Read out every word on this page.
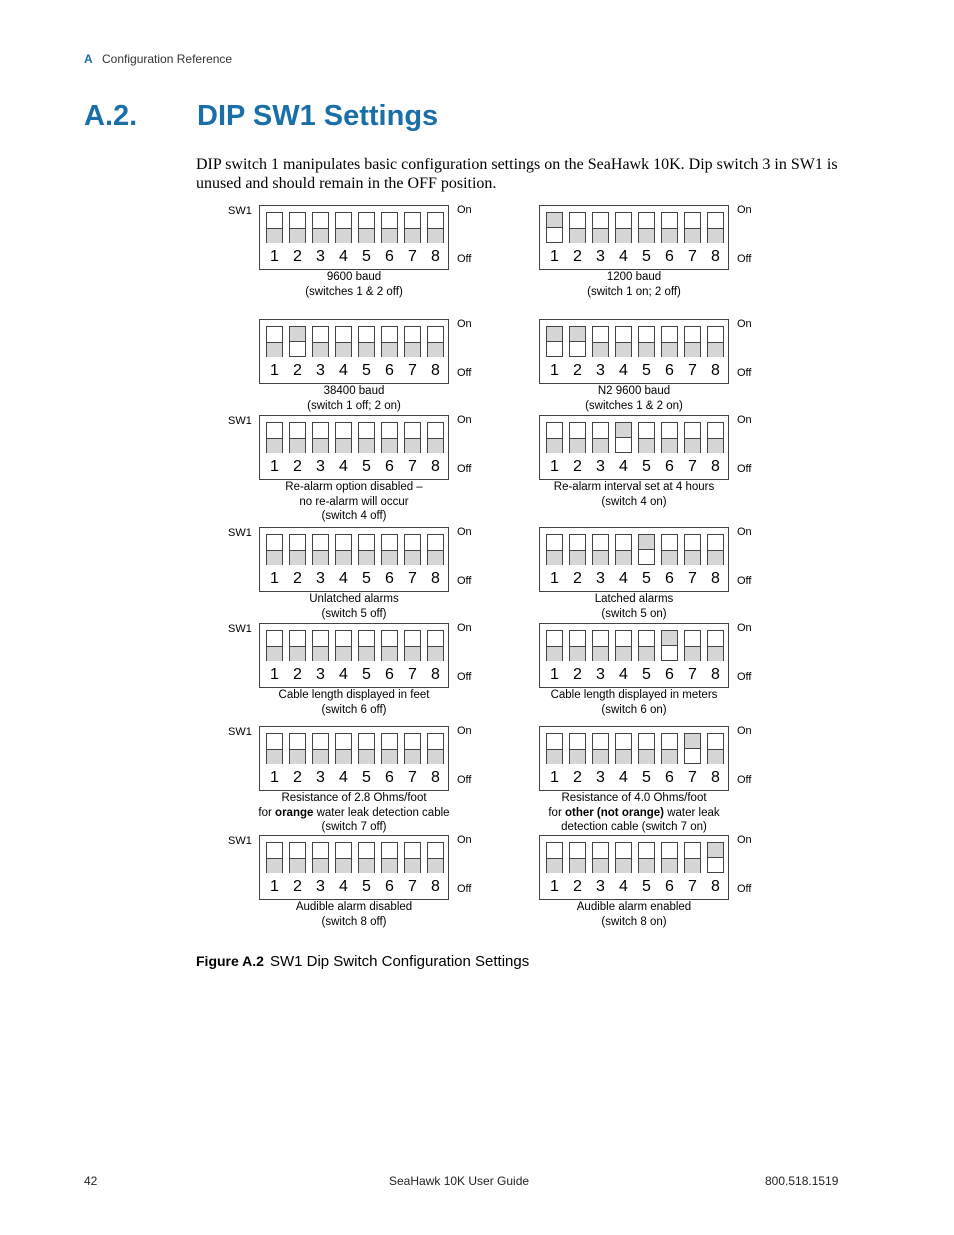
A Configuration Reference
A.2. DIP SW1 Settings
DIP switch 1 manipulates basic configuration settings on the SeaHawk 10K. Dip switch 3 in SW1 is unused and should remain in the OFF position.
SW1	On
Off
1 2 3 4 5 6 7 8
9600 baud
(switches 1 & 2 off)
On
Off
1 2 3 4 5 6 7 8
1200 baud
(switch 1 on; 2 off)
On
Off
1 2 3 4 5 6 7 8
38400 baud
(switch 1 off; 2 on)
On
Off
1 2 3 4 5 6 7 8
N2 9600 baud
(switches 1 & 2 on)
SW1	On
Off
1 2 3 4 5 6 7 8
Re-alarm option disabled –
no re-alarm will occur
(switch 4 off)
On
Off
1 2 3 4 5 6 7 8
Re-alarm interval set at 4 hours
(switch 4 on)
SW1	On
Off
1 2 3 4 5 6 7 8
Unlatched alarms
(switch 5 off)
On
Off
1 2 3 4 5 6 7 8
Latched alarms
(switch 5 on)
SW1	On
Off
1 2 3 4 5 6 7 8
Cable length displayed in feet
(switch 6 off)
On
Off
1 2 3 4 5 6 7 8
Cable length displayed in meters
(switch 6 on)
SW1	On
Off
1 2 3 4 5 6 7 8
Resistance of 2.8 Ohms/foot
for orange water leak detection cable
(switch 7 off)
On
Off
1 2 3 4 5 6 7 8
Resistance of 4.0 Ohms/foot
for other (not orange) water leak
detection cable (switch 7 on)
SW1	On
Off
1 2 3 4 5 6 7 8
Audible alarm disabled
(switch 8 off)
On
Off
1 2 3 4 5 6 7 8
Audible alarm enabled
(switch 8 on)
Figure A.2 SW1 Dip Switch Configuration Settings
42	SeaHawk 10K User Guide	800.518.1519
